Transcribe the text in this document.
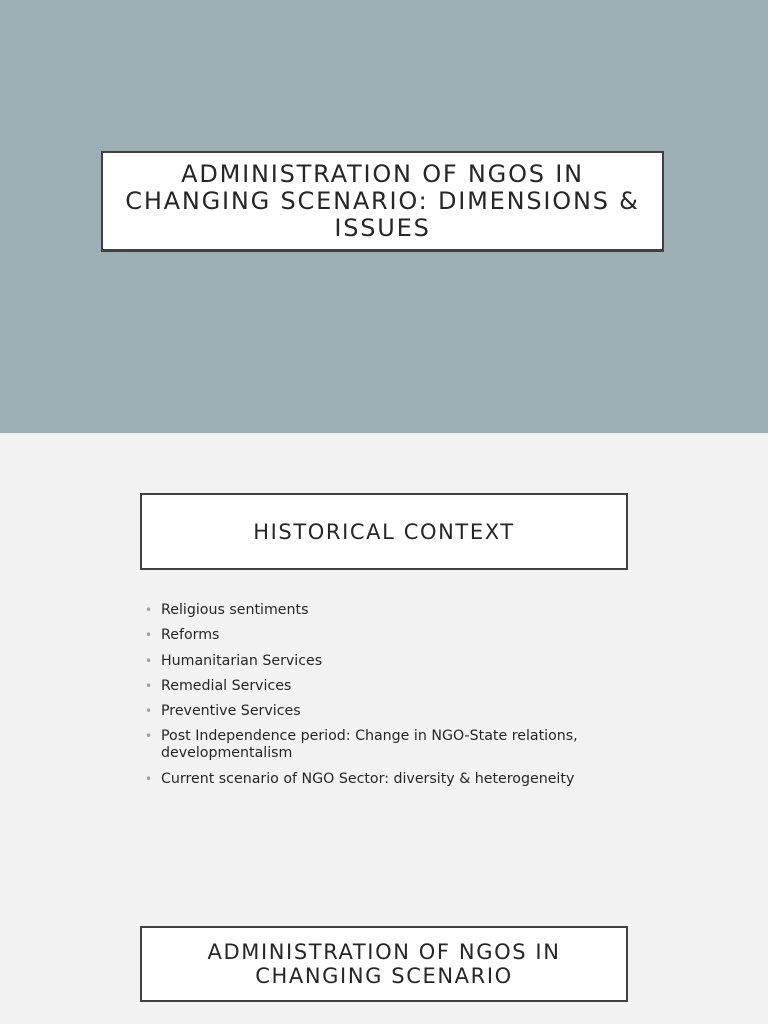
ADMINISTRATION OF NGOS IN CHANGING SCENARIO: DIMENSIONS & ISSUES
HISTORICAL CONTEXT
• Religious sentiments
• Reforms
• Humanitarian Services
• Remedial Services
• Preventive Services
• Post Independence period: Change in NGO-State relations, developmentalism
• Current scenario of NGO Sector: diversity & heterogeneity
ADMINISTRATION OF NGOS IN CHANGING SCENARIO
